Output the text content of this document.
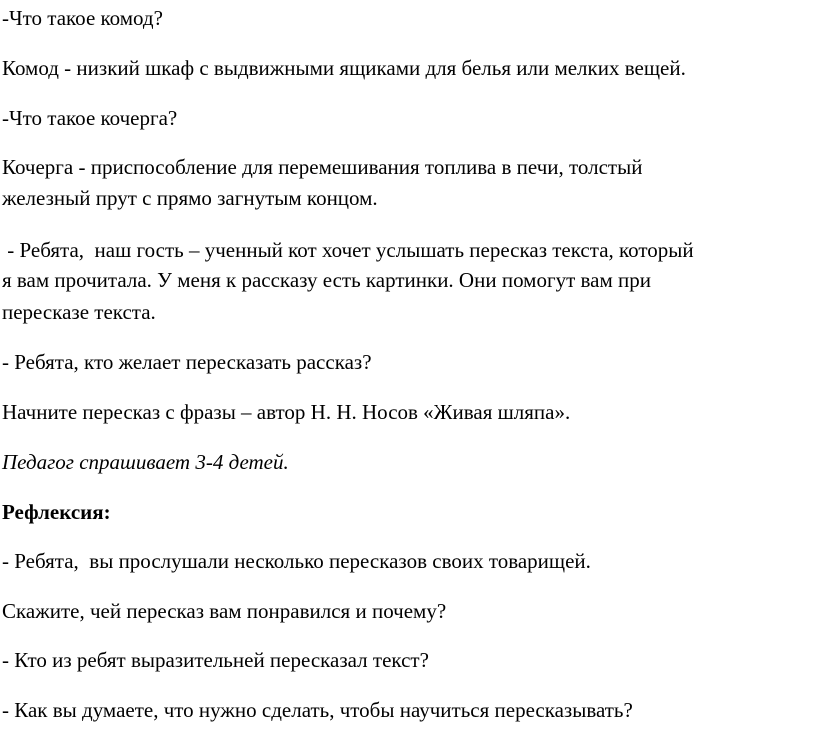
-Что такое комод?
Комод - низкий шкаф с выдвижными ящиками для белья или мелких вещей.
-Что такое кочерга?
Кочерга - приспособление для перемешивания топлива в печи, толстый
железный прут с прямо загнутым концом.
- Ребята,  наш гость – ученный кот хочет услышать пересказ текста, который
я вам прочитала. У меня к рассказу есть картинки. Они помогут вам при
пересказе текста.
- Ребята, кто желает пересказать рассказ?
Начните пересказ с фразы – автор Н. Н. Носов «Живая шляпа».
Педагог спрашивает 3-4 детей.
Рефлексия:
- Ребята,  вы прослушали несколько пересказов своих товарищей.
Скажите, чей пересказ вам понравился и почему?
- Кто из ребят выразительней пересказал текст?
- Как вы думаете, что нужно сделать, чтобы научиться пересказывать?
